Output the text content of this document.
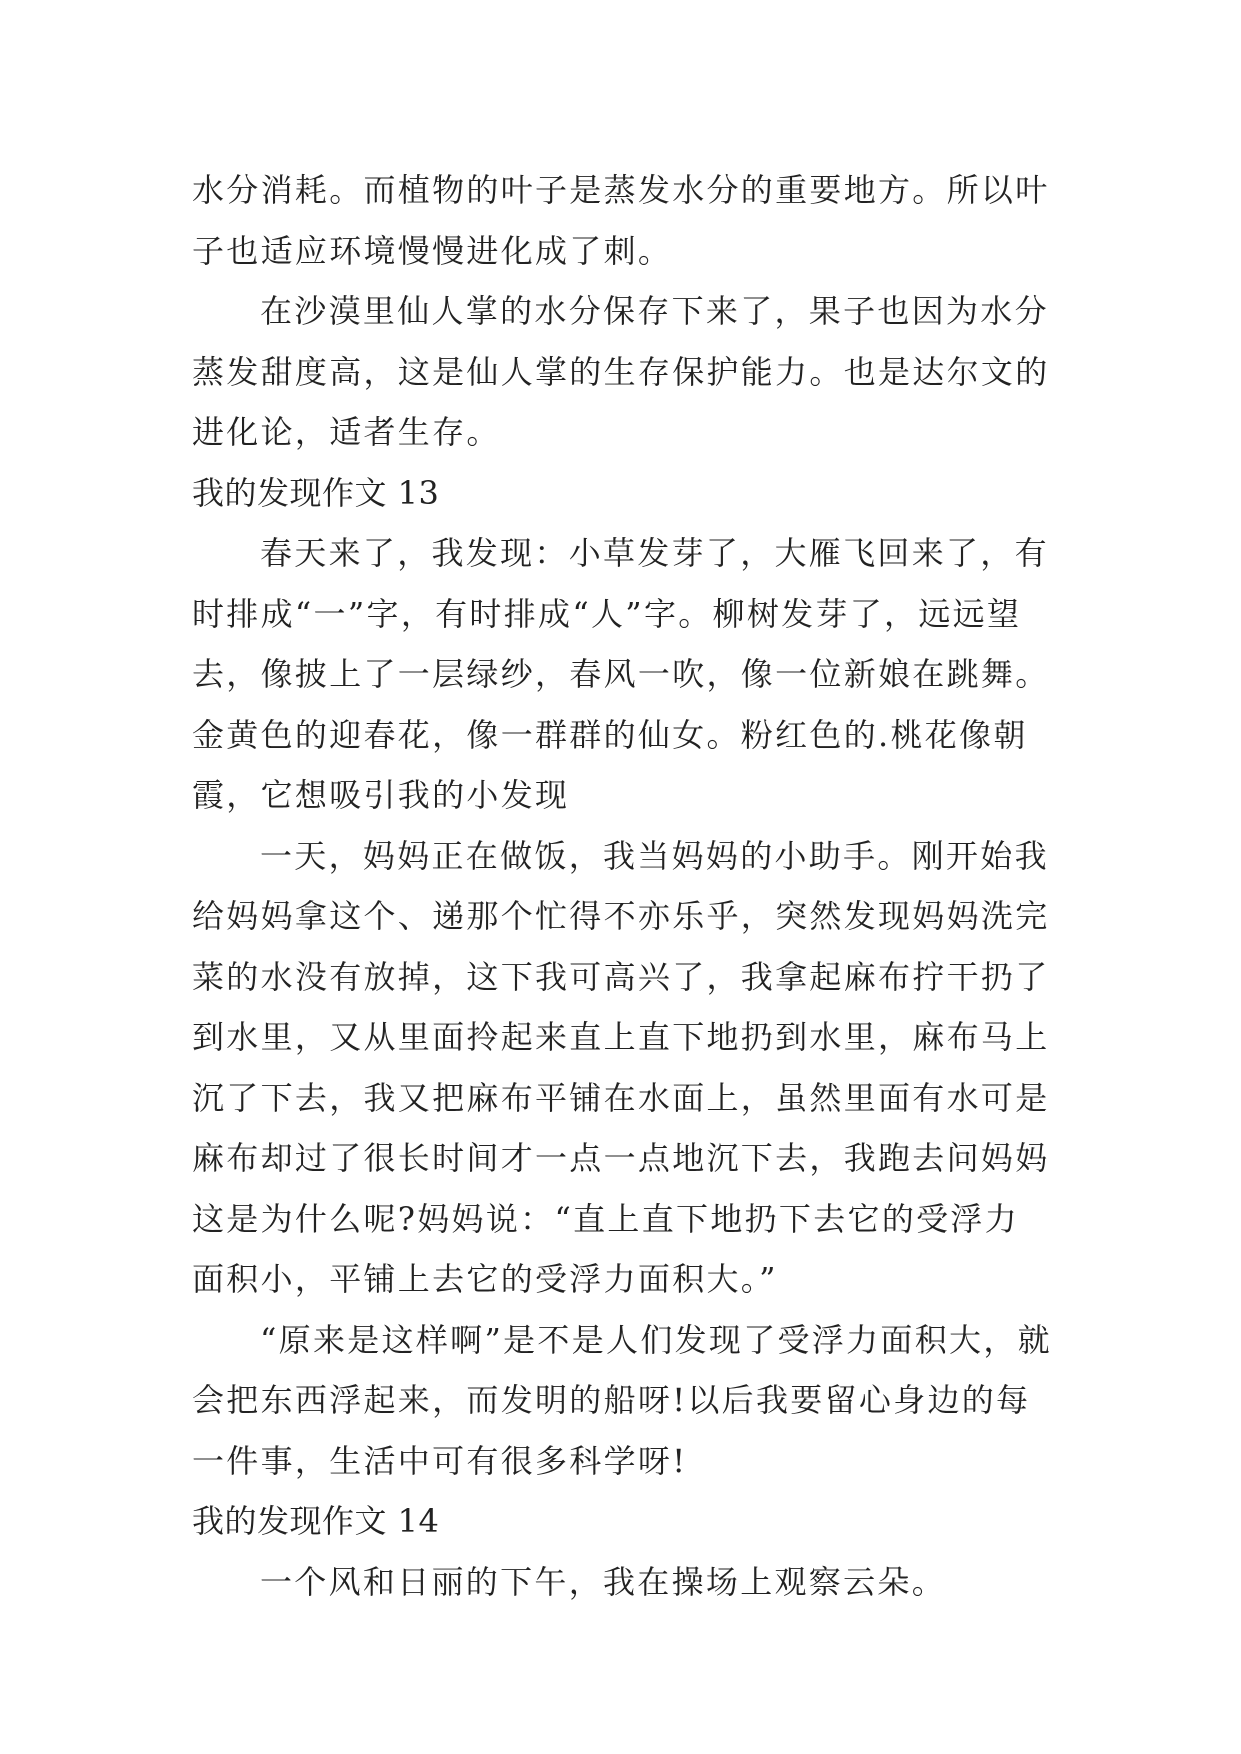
水分消耗。而植物的叶子是蒸发水分的重要地方。所以叶子也适应环境慢慢进化成了刺。

在沙漠里仙人掌的水分保存下来了，果子也因为水分蒸发甜度高，这是仙人掌的生存保护能力。也是达尔文的进化论，适者生存。

我的发现作文 13

春天来了，我发现：小草发芽了，大雁飞回来了，有时排成“一”字，有时排成“人”字。柳树发芽了，远远望去，像披上了一层绿纱，春风一吹，像一位新娘在跳舞。金黄色的迎春花，像一群群的仙女。粉红色的.桃花像朝霞，它想吸引我的小发现

一天，妈妈正在做饭，我当妈妈的小助手。刚开始我给妈妈拿这个、递那个忙得不亦乐乎，突然发现妈妈洗完菜的水没有放掉，这下我可高兴了，我拿起麻布拧干扔了到水里，又从里面拎起来直上直下地扔到水里，麻布马上沉了下去，我又把麻布平铺在水面上，虽然里面有水可是麻布却过了很长时间才一点一点地沉下去，我跑去问妈妈这是为什么呢?妈妈说：“直上直下地扔下去它的受浮力面积小，平铺上去它的受浮力面积大。”

“原来是这样啊”是不是人们发现了受浮力面积大，就会把东西浮起来，而发明的船呀!以后我要留心身边的每一件事，生活中可有很多科学呀!

我的发现作文 14

一个风和日丽的下午，我在操场上观察云朵。
